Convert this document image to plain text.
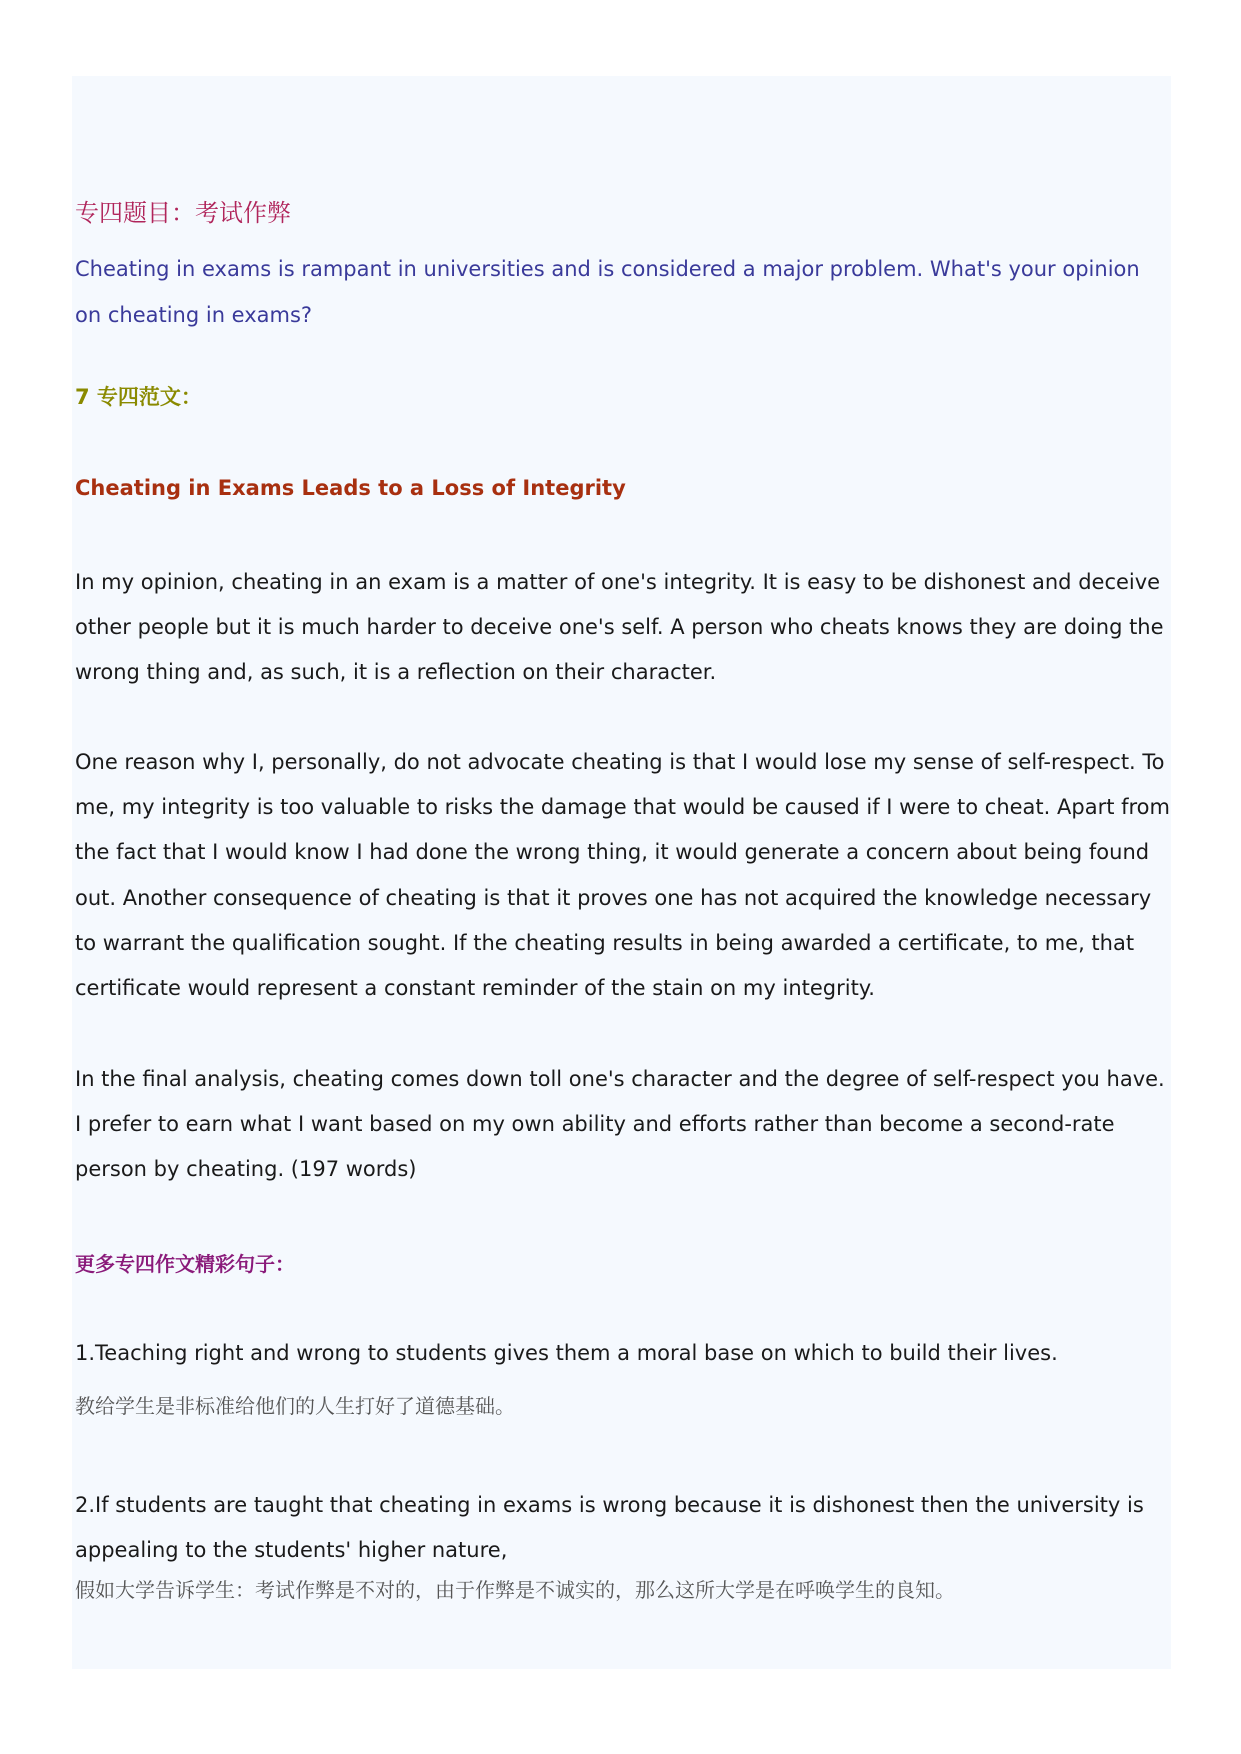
专四题目：考试作弊
Cheating in exams is rampant in universities and is considered a major problem. What's your opinion on cheating in exams?
7 专四范文：
Cheating in Exams Leads to a Loss of Integrity
In my opinion, cheating in an exam is a matter of one's integrity. It is easy to be dishonest and deceive other people but it is much harder to deceive one's self. A person who cheats knows they are doing the wrong thing and, as such, it is a reflection on their character.
One reason why I, personally, do not advocate cheating is that I would lose my sense of self-respect. To me, my integrity is too valuable to risks the damage that would be caused if I were to cheat. Apart from the fact that I would know I had done the wrong thing, it would generate a concern about being found out. Another consequence of cheating is that it proves one has not acquired the knowledge necessary to warrant the qualification sought. If the cheating results in being awarded a certificate, to me, that certificate would represent a constant reminder of the stain on my integrity.
In the final analysis, cheating comes down toll one's character and the degree of self-respect you have. I prefer to earn what I want based on my own ability and efforts rather than become a second-rate person by cheating. (197 words)
更多专四作文精彩句子：
1.Teaching right and wrong to students gives them a moral base on which to build their lives.
教给学生是非标准给他们的人生打好了道德基础。
2.If students are taught that cheating in exams is wrong because it is dishonest then the university is appealing to the students' higher nature,
假如大学告诉学生：考试作弊是不对的，由于作弊是不诚实的，那么这所大学是在呼唤学生的良知。
